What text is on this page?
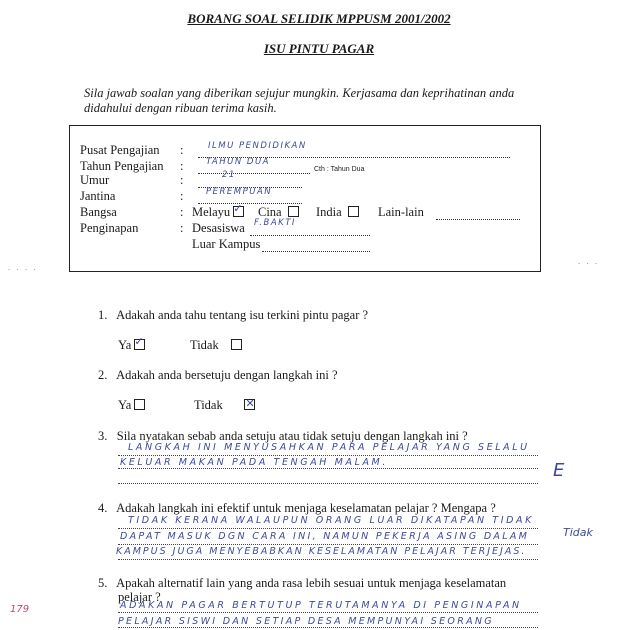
BORANG SOAL SELIDIK MPPUSM 2001/2002
ISU PINTU PAGAR
Sila jawab soalan yang diberikan sejujur mungkin. Kerjasama dan keprihatinan anda didahului dengan ribuan terima kasih.
Pusat Pengajian :	ILMU PENDIDIKAN
Tahun Pengajian :	TAHUN DUA
Cth : Tahun Dua
Umur	:	21
Jantina	:	PEREMPUAN
Bangsa	: Melayu ✓ Cina	India	Lain-lain
Penginapan	: Desasiswa F.BAKTI
Luar Kampus
. . . .
. . .
1. Adakah anda tahu tentang isu terkini pintu pagar ?
Ya ✓	Tidak
2. Adakah anda bersetuju dengan langkah ini ?
Ya	Tidak ✕
3. Sila nyatakan sebab anda setuju atau tidak setuju dengan langkah ini ?
LANGKAH INI MENYUSAHKAN PARA PELAJAR YANG SELALU
KELUAR MAKAN PADA TENGAH MALAM.	E
4. Adakah langkah ini efektif untuk menjaga keselamatan pelajar ? Mengapa ?
TIDAK KERANA WALAUPUN ORANG LUAR DIKATAPAN TIDAK
DAPAT MASUK DGN CARA INI, NAMUN PEKERJA ASING DALAM
KAMPUS JUGA MENYEBABKAN KESELAMATAN PELAJAR TERJEJAS.
Tidak
5. Apakah alternatif lain yang anda rasa lebih sesuai untuk menjaga keselamatan
pelajar ?
ADAKAN PAGAR BERTUTUP TERUTAMANYA DI PENGINAPAN
PELAJAR SISWI DAN SETIAP DESA MEMPUNYAI SEORANG
179
